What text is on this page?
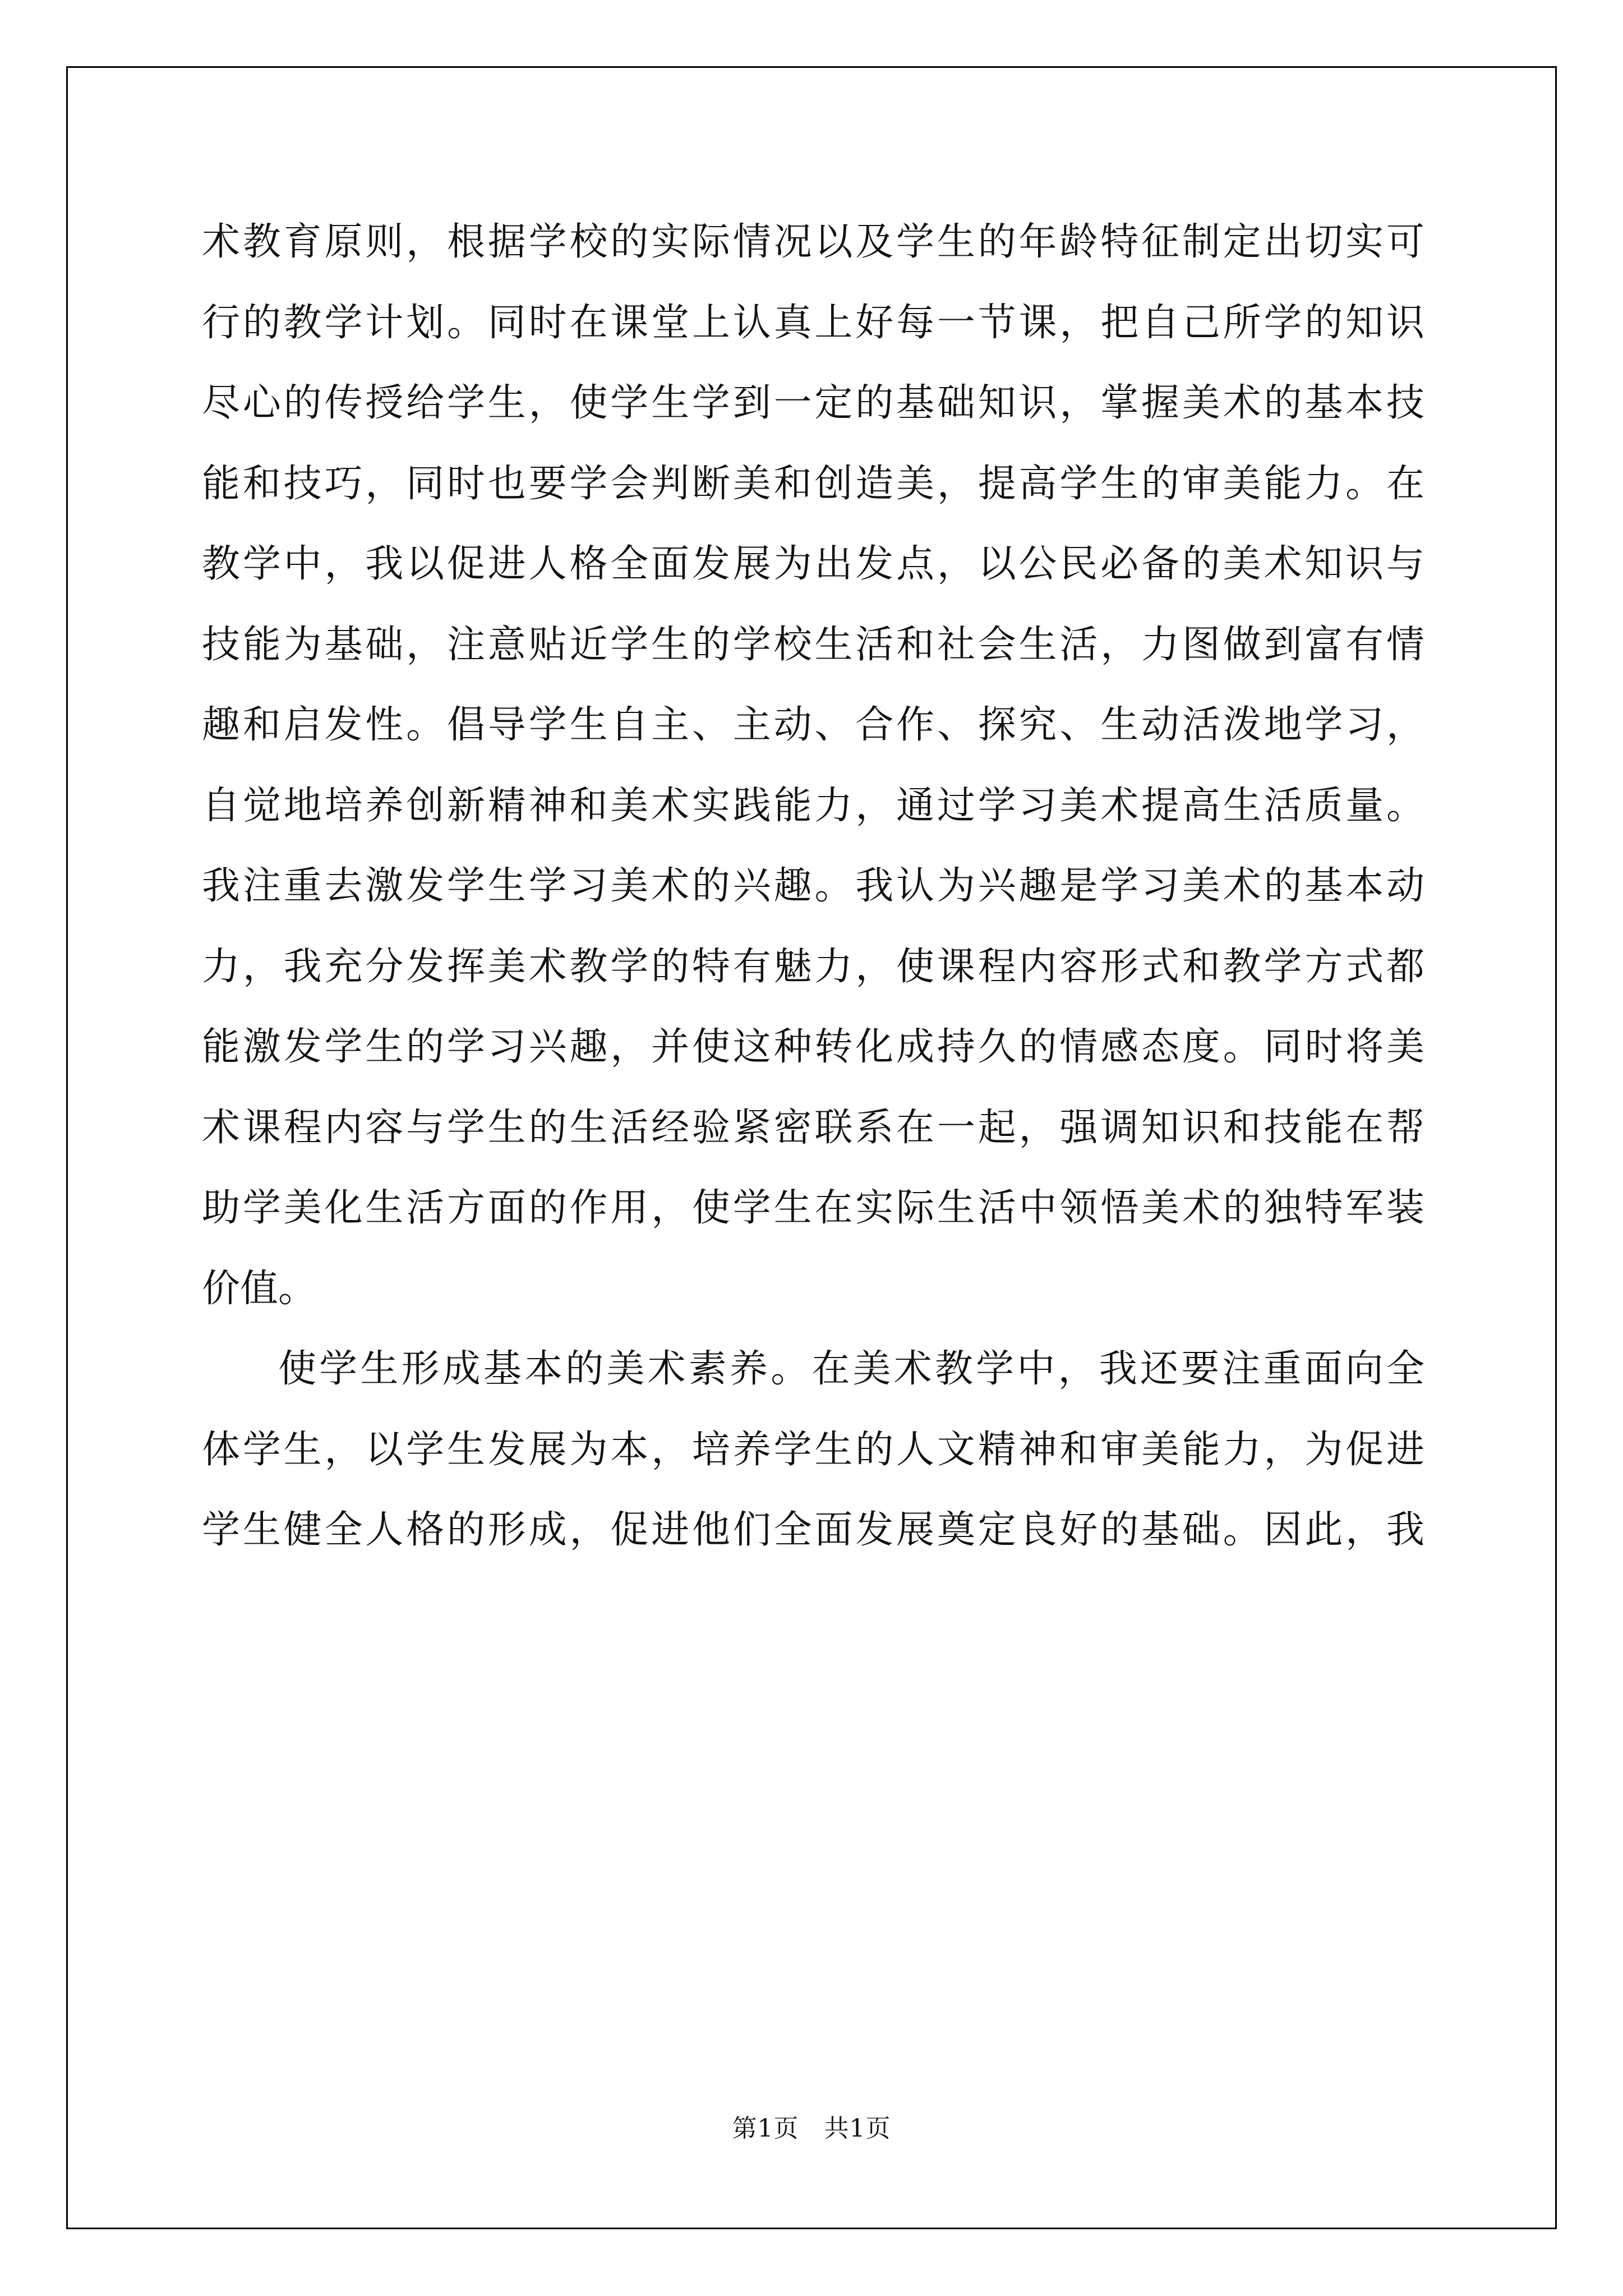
术教育原则，根据学校的实际情况以及学生的年龄特征制定出切实可
行的教学计划。同时在课堂上认真上好每一节课，把自己所学的知识
尽心的传授给学生，使学生学到一定的基础知识，掌握美术的基本技
能和技巧，同时也要学会判断美和创造美，提高学生的审美能力。在
教学中，我以促进人格全面发展为出发点，以公民必备的美术知识与
技能为基础，注意贴近学生的学校生活和社会生活，力图做到富有情
趣和启发性。倡导学生自主、主动、合作、探究、生动活泼地学习，
自觉地培养创新精神和美术实践能力，通过学习美术提高生活质量。
我注重去激发学生学习美术的兴趣。我认为兴趣是学习美术的基本动
力，我充分发挥美术教学的特有魅力，使课程内容形式和教学方式都
能激发学生的学习兴趣，并使这种转化成持久的情感态度。同时将美
术课程内容与学生的生活经验紧密联系在一起，强调知识和技能在帮
助学美化生活方面的作用，使学生在实际生活中领悟美术的独特军装
价值。
使学生形成基本的美术素养。在美术教学中，我还要注重面向全
体学生，以学生发展为本，培养学生的人文精神和审美能力，为促进
学生健全人格的形成，促进他们全面发展奠定良好的基础。因此，我
第1页 共1页
